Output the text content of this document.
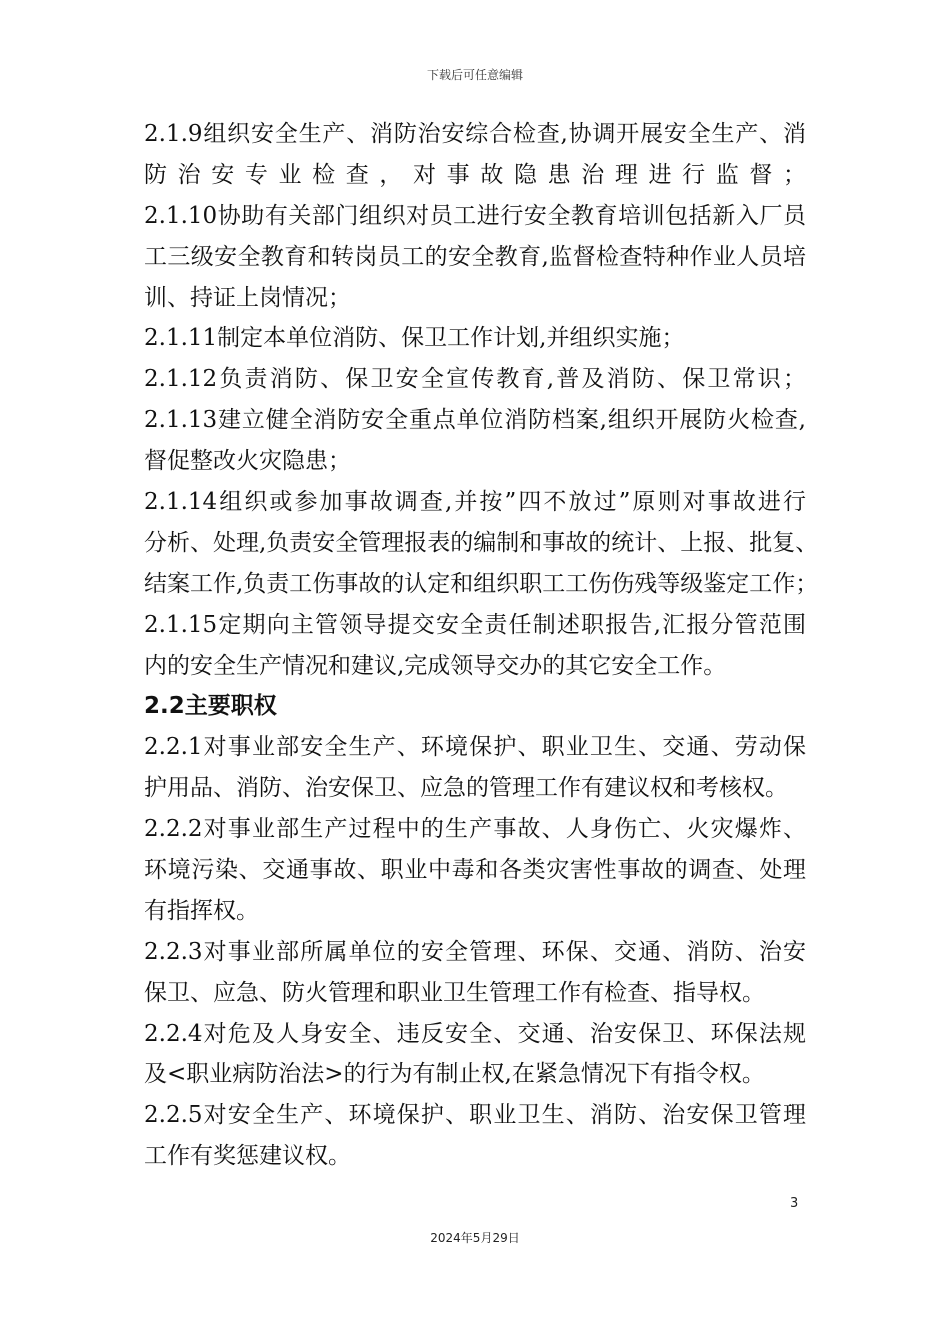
下载后可任意编辑
2.1.9组织安全生产、消防治安综合检查,协调开展安全生产、消
防治安专业检查，对事故隐患治理进行监督；
2.1.10协助有关部门组织对员工进行安全教育培训包括新入厂员
工三级安全教育和转岗员工的安全教育,监督检查特种作业人员培
训、持证上岗情况；
2.1.11制定本单位消防、保卫工作计划,并组织实施；
2.1.12负责消防、保卫安全宣传教育,普及消防、保卫常识；
2.1.13建立健全消防安全重点单位消防档案,组织开展防火检查,
督促整改火灾隐患；
2.1.14组织或参加事故调查,并按”四不放过”原则对事故进行
分析、处理,负责安全管理报表的编制和事故的统计、上报、批复、
结案工作,负责工伤事故的认定和组织职工工伤伤残等级鉴定工作；
2.1.15定期向主管领导提交安全责任制述职报告,汇报分管范围
内的安全生产情况和建议,完成领导交办的其它安全工作。
2.2主要职权
2.2.1对事业部安全生产、环境保护、职业卫生、交通、劳动保
护用品、消防、治安保卫、应急的管理工作有建议权和考核权。
2.2.2对事业部生产过程中的生产事故、人身伤亡、火灾爆炸、
环境污染、交通事故、职业中毒和各类灾害性事故的调查、处理
有指挥权。
2.2.3对事业部所属单位的安全管理、环保、交通、消防、治安
保卫、应急、防火管理和职业卫生管理工作有检查、指导权。
2.2.4对危及人身安全、违反安全、交通、治安保卫、环保法规
及<职业病防治法>的行为有制止权,在紧急情况下有指令权。
2.2.5对安全生产、环境保护、职业卫生、消防、治安保卫管理
工作有奖惩建议权。
3
2024年5月29日
